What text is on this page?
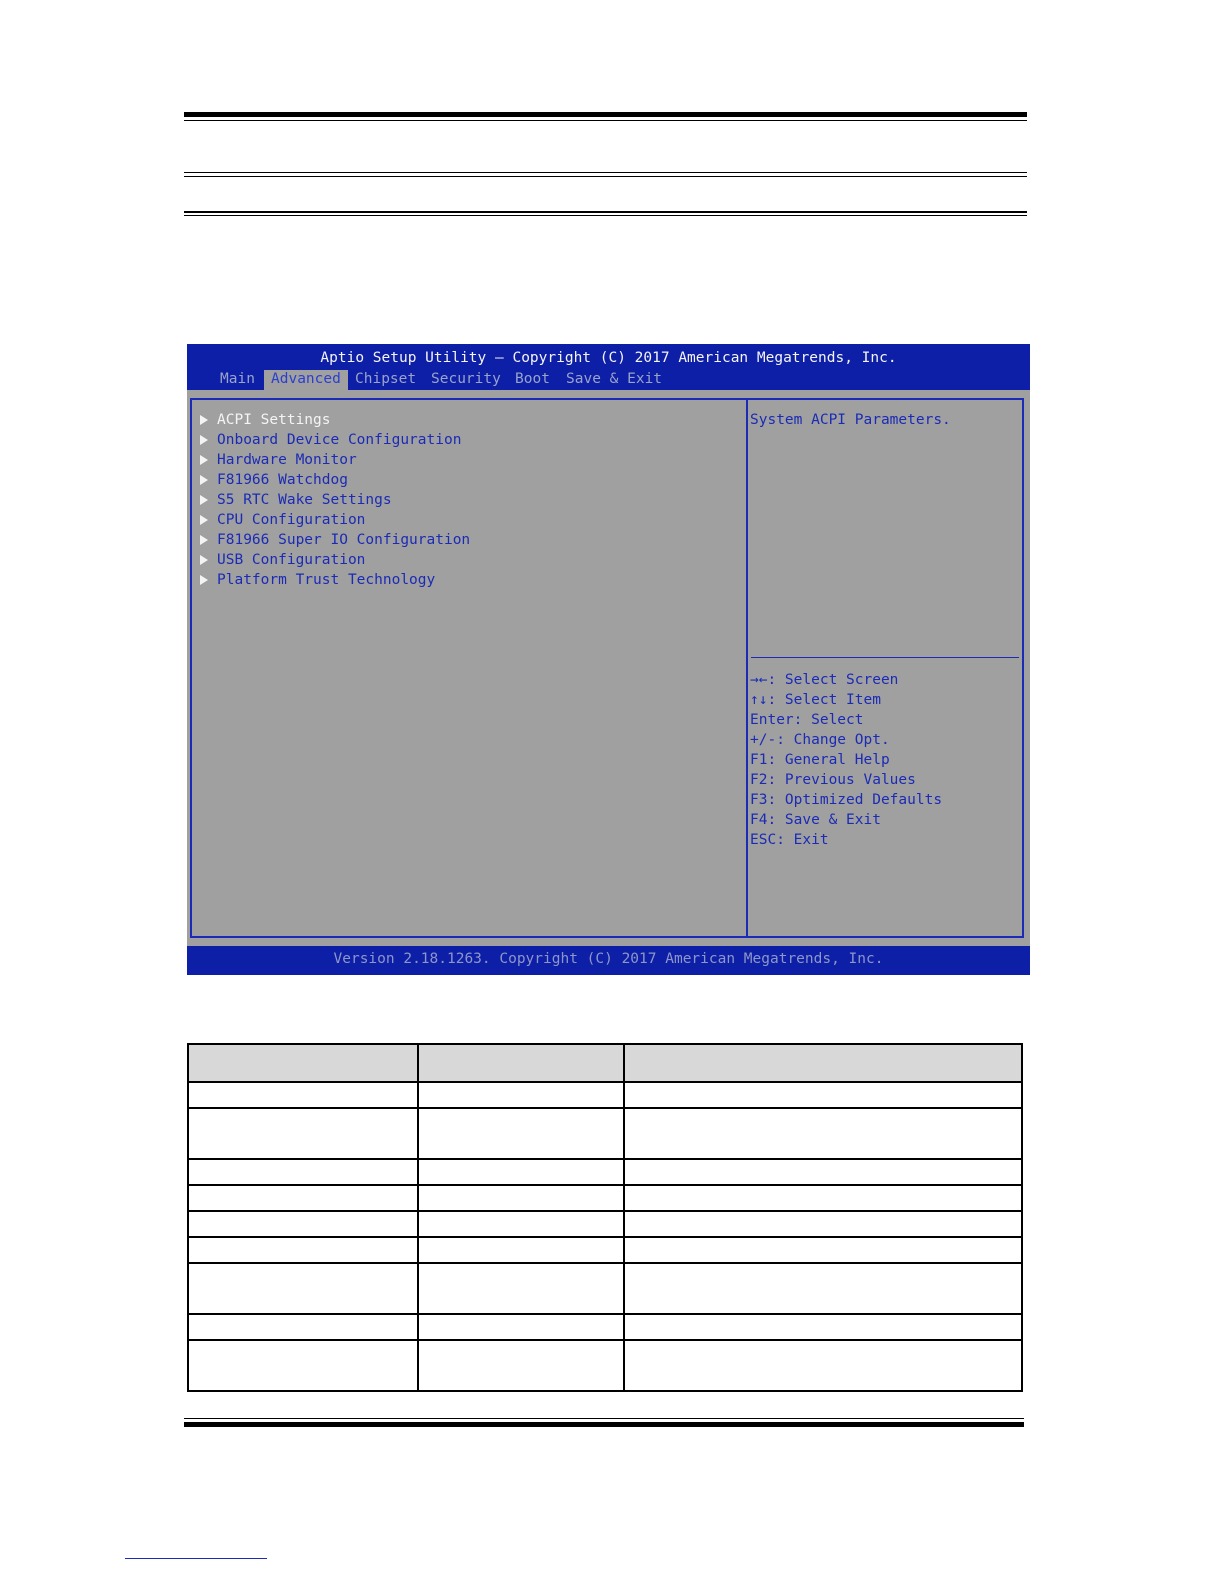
Aptio Setup Utility – Copyright (C) 2017 American Megatrends, Inc.
Main	Advanced Chipset Security Boot Save & Exit
ACPI Settings
Onboard Device Configuration
Hardware Monitor
F81966 Watchdog
S5 RTC Wake Settings
CPU Configuration
F81966 Super IO Configuration
USB Configuration
Platform Trust Technology
System ACPI Parameters.
→←: Select Screen
↑↓: Select Item
Enter: Select
+/-: Change Opt.
F1: General Help
F2: Previous Values
F3: Optimized Defaults
F4: Save & Exit
ESC: Exit
Version 2.18.1263. Copyright (C) 2017 American Megatrends, Inc.
